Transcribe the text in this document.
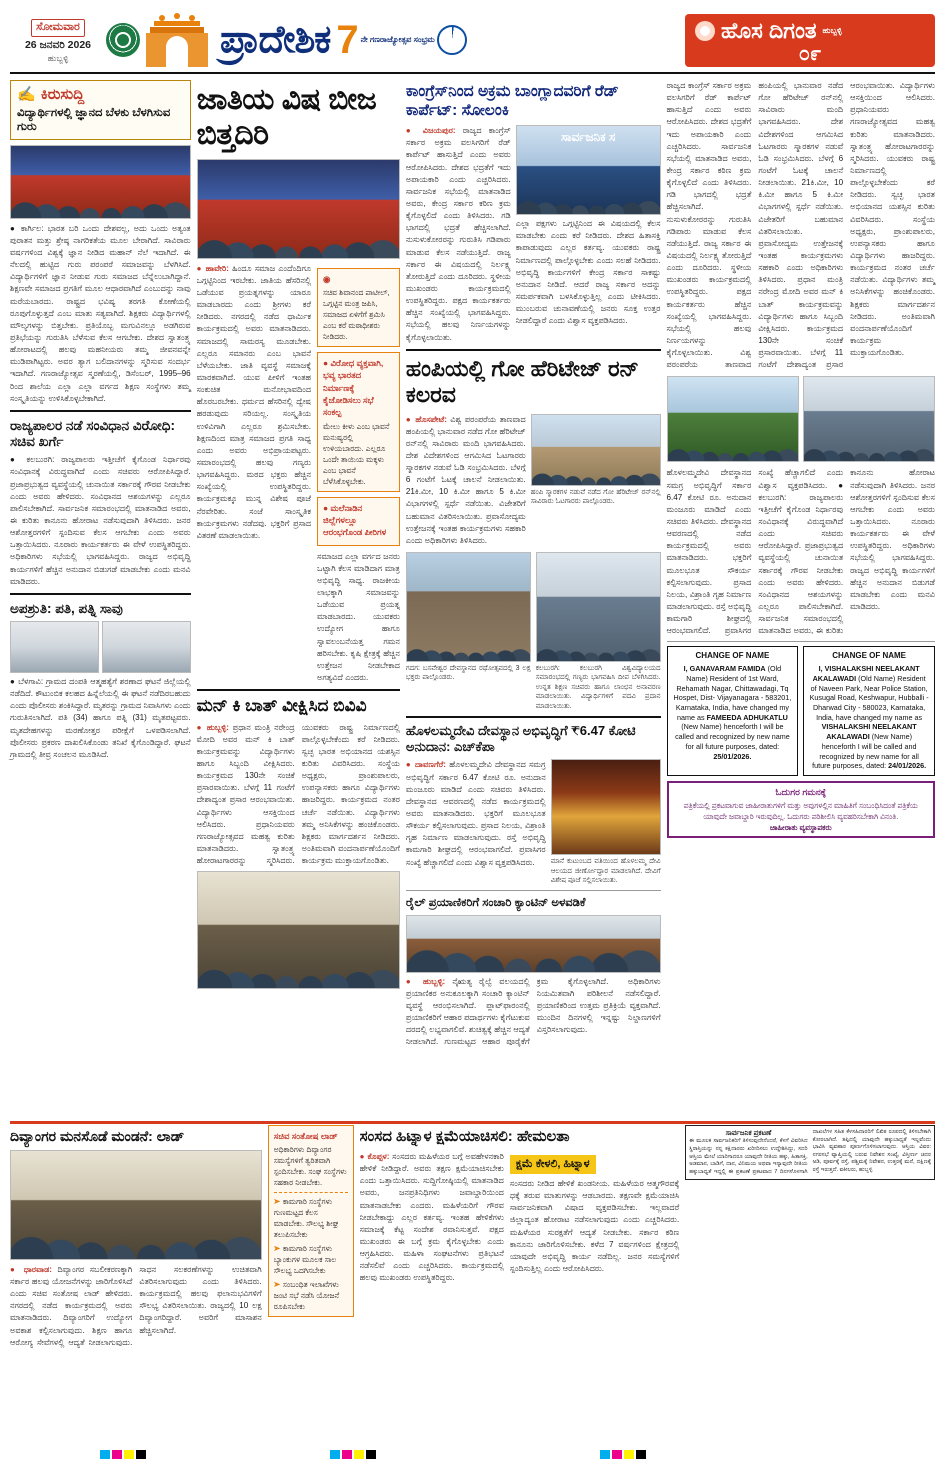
ಸೋಮವಾರ
26 ಜನವರಿ 2026
ಹುಬ್ಬಳ್ಳಿ	ಪ್ರಾದೇಶಿಕ 7 ನೇ ಗಣರಾಜ್ಯೋತ್ಸವ ಸಂಭ್ರಮ	ಹೊಸ ದಿಗಂತ ಹುಬ್ಬಳ್ಳಿ
೦೯
✍ ಕಿರುಸುದ್ದಿ
ವಿದ್ಯಾರ್ಥಿಗಳಲ್ಲಿ ಜ್ಞಾನದ ಬೆಳಕು ಬೆಳಗಿಸುವ ಗುರು
● ಕಾರ್ಗಿಲ: ಭಾರತ ಬರಿ ಒಂದು ದೇಶವಲ್ಲ, ಅದು ಒಂದು ಅತ್ಯಂತ ಪುರಾತನ ಮತ್ತು ಶ್ರೇಷ್ಠ ನಾಗರಿಕತೆಯ ಮೂಲ ಬೇರಾಗಿದೆ. ಸಾವಿರಾರು ವರ್ಷಗಳಿಂದ ವಿಶ್ವಕ್ಕೆ ಜ್ಞಾನ ನೀಡಿದ ಮಹಾನ್ ನೆಲೆ ಇದಾಗಿದೆ. ಈ ನೆಲದಲ್ಲಿ ಹುಟ್ಟಿದ ಗುರು ಪರಂಪರೆ ಸಮಾಜವನ್ನು ಬೆಳಗಿಸಿದೆ. ವಿದ್ಯಾರ್ಥಿಗಳಿಗೆ ಜ್ಞಾನ ನೀಡುವ ಗುರು ಸಮಾಜದ ಬೆನ್ನೆಲುಬಾಗಿದ್ದಾನೆ. ಶಿಕ್ಷಣವೇ ಸಮಾಜದ ಪ್ರಗತಿಗೆ ಮೂಲ ಆಧಾರವಾಗಿದೆ ಎಂಬುದನ್ನು ನಾವು ಮರೆಯಬಾರದು. ರಾಷ್ಟ್ರದ ಭವಿಷ್ಯ ತರಗತಿ ಕೋಣೆಯಲ್ಲಿ ರೂಪುಗೊಳ್ಳುತ್ತದೆ ಎಂಬ ಮಾತು ಸತ್ಯವಾಗಿದೆ. ಶಿಕ್ಷಕರು ವಿದ್ಯಾರ್ಥಿಗಳಲ್ಲಿ ಮೌಲ್ಯಗಳನ್ನು ಬಿತ್ತಬೇಕು. ಪ್ರತಿಯೊಬ್ಬ ಮಗುವಿನಲ್ಲೂ ಅಡಗಿರುವ ಪ್ರತಿಭೆಯನ್ನು ಗುರುತಿಸಿ ಬೆಳೆಸುವ ಕೆಲಸ ಆಗಬೇಕು. ದೇಶದ ಸ್ವಾತಂತ್ರ್ಯ ಹೋರಾಟದಲ್ಲಿ ಹಲವು ಮಹನೀಯರು ತಮ್ಮ ಜೀವನವನ್ನೇ ಮುಡಿಪಾಗಿಟ್ಟರು. ಅವರ ತ್ಯಾಗ ಬಲಿದಾನಗಳನ್ನು ಸ್ಮರಿಸುವ ಸಂದರ್ಭ ಇದಾಗಿದೆ. ಗಣರಾಜ್ಯೋತ್ಸವ ಸ್ಮರಣೆಯಲ್ಲಿ, ಡಿಸೆಂಬರ್, 1995–96 ರಿಂದ ಶಾಲೆಯ ಎಲ್ಲಾ ಎಲ್ಲಾ ವರ್ಗದ ಶಿಕ್ಷಣ ಸಂಸ್ಥೆಗಳು ತಮ್ಮ ಸಂಸ್ಕೃತಿಯನ್ನು ಉಳಿಸಿಕೊಳ್ಳಬೇಕಾಗಿದೆ.
ರಾಜ್ಯಪಾಲರ ನಡೆ ಸಂವಿಧಾನ ವಿರೋಧಿ: ಸಚಿವ ಖರ್ಗೆ
● ಕಲಬುರಗಿ: ರಾಜ್ಯಪಾಲರು ಇತ್ತೀಚೆಗೆ ಕೈಗೊಂಡ ನಿರ್ಧಾರವು ಸಂವಿಧಾನಕ್ಕೆ ವಿರುದ್ಧವಾಗಿದೆ ಎಂದು ಸಚಿವರು ಆರೋಪಿಸಿದ್ದಾರೆ. ಪ್ರಜಾಪ್ರಭುತ್ವದ ವ್ಯವಸ್ಥೆಯಲ್ಲಿ ಚುನಾಯಿತ ಸರ್ಕಾರಕ್ಕೆ ಗೌರವ ನೀಡಬೇಕು ಎಂದು ಅವರು ಹೇಳಿದರು. ಸಂವಿಧಾನದ ಆಶಯಗಳನ್ನು ಎಲ್ಲರೂ ಪಾಲಿಸಬೇಕಾಗಿದೆ. ಸಾರ್ವಜನಿಕ ಸಮಾರಂಭದಲ್ಲಿ ಮಾತನಾಡಿದ ಅವರು, ಈ ಕುರಿತು ಕಾನೂನು ಹೋರಾಟ ನಡೆಸುವುದಾಗಿ ತಿಳಿಸಿದರು. ಜನರ ಆಶೋತ್ತರಗಳಿಗೆ ಸ್ಪಂದಿಸುವ ಕೆಲಸ ಆಗಬೇಕು ಎಂದು ಅವರು ಒತ್ತಾಯಿಸಿದರು. ನೂರಾರು ಕಾರ್ಯಕರ್ತರು ಈ ವೇಳೆ ಉಪಸ್ಥಿತರಿದ್ದರು. ಅಧಿಕಾರಿಗಳು ಸಭೆಯಲ್ಲಿ ಭಾಗವಹಿಸಿದ್ದರು. ರಾಜ್ಯದ ಅಭಿವೃದ್ಧಿ ಕಾರ್ಯಗಳಿಗೆ ಹೆಚ್ಚಿನ ಅನುದಾನ ಬಿಡುಗಡೆ ಮಾಡಬೇಕು ಎಂದು ಮನವಿ ಮಾಡಿದರು.
ಅಪಶ್ರುತಿ: ಪತಿ, ಪತ್ನಿ ಸಾವು
● ಬೆಳಗಾವಿ: ಗ್ರಾಮದ ದಂಪತಿ ಆತ್ಮಹತ್ಯೆಗೆ ಶರಣಾದ ಘಟನೆ ಜಿಲ್ಲೆಯಲ್ಲಿ ನಡೆದಿದೆ. ಕೌಟುಂಬಿಕ ಕಲಹದ ಹಿನ್ನೆಲೆಯಲ್ಲಿ ಈ ಘಟನೆ ನಡೆದಿರಬಹುದು ಎಂದು ಪೊಲೀಸರು ಶಂಕಿಸಿದ್ದಾರೆ. ಮೃತರನ್ನು ಗ್ರಾಮದ ನಿವಾಸಿಗಳು ಎಂದು ಗುರುತಿಸಲಾಗಿದೆ. ಪತಿ (34) ಹಾಗೂ ಪತ್ನಿ (31) ಮೃತಪಟ್ಟವರು. ಮೃತದೇಹಗಳನ್ನು ಮರಣೋತ್ತರ ಪರೀಕ್ಷೆಗೆ ಒಳಪಡಿಸಲಾಗಿದೆ. ಪೊಲೀಸರು ಪ್ರಕರಣ ದಾಖಲಿಸಿಕೊಂಡು ತನಿಖೆ ಕೈಗೊಂಡಿದ್ದಾರೆ. ಘಟನೆ ಗ್ರಾಮದಲ್ಲಿ ತೀವ್ರ ಸಂಚಲನ ಮೂಡಿಸಿದೆ.
ಜಾತಿಯ ವಿಷ ಬೀಜ ಬಿತ್ತದಿರಿ
● ಹಾವೇರಿ: ಹಿಂದೂ ಸಮಾಜ ಎಂದೆಂದಿಗೂ ಒಗ್ಗಟ್ಟಿನಿಂದ ಇರಬೇಕು. ಜಾತಿಯ ಹೆಸರಿನಲ್ಲಿ ಒಡೆಯುವ ಪ್ರಯತ್ನಗಳನ್ನು ಯಾರೂ ಮಾಡಬಾರದು ಎಂದು ಶ್ರೀಗಳು ಕರೆ ನೀಡಿದರು. ನಗರದಲ್ಲಿ ನಡೆದ ಧಾರ್ಮಿಕ ಕಾರ್ಯಕ್ರಮದಲ್ಲಿ ಅವರು ಮಾತನಾಡಿದರು. ಸಮಾಜದಲ್ಲಿ ಸಾಮರಸ್ಯ ಮೂಡಬೇಕು. ಎಲ್ಲರೂ ಸಮಾನರು ಎಂಬ ಭಾವನೆ ಬೆಳೆಯಬೇಕು. ಜಾತಿ ವ್ಯವಸ್ಥೆ ಸಮಾಜಕ್ಕೆ ಮಾರಕವಾಗಿದೆ. ಯುವ ಪೀಳಿಗೆ ಇಂತಹ ಸಂಕುಚಿತ ಮನೋಭಾವದಿಂದ ಹೊರಬರಬೇಕು. ಧರ್ಮದ ಹೆಸರಿನಲ್ಲಿ ದ್ವೇಷ ಹರಡುವುದು ಸರಿಯಲ್ಲ. ಸಂಸ್ಕೃತಿಯ ಉಳಿವಿಗಾಗಿ ಎಲ್ಲರೂ ಶ್ರಮಿಸಬೇಕು. ಶಿಕ್ಷಣದಿಂದ ಮಾತ್ರ ಸಮಾಜದ ಪ್ರಗತಿ ಸಾಧ್ಯ ಎಂದು ಅವರು ಅಭಿಪ್ರಾಯಪಟ್ಟರು. ಸಮಾರಂಭದಲ್ಲಿ ಹಲವು ಗಣ್ಯರು ಭಾಗವಹಿಸಿದ್ದರು. ಮಠದ ಭಕ್ತರು ಹೆಚ್ಚಿನ ಸಂಖ್ಯೆಯಲ್ಲಿ ಉಪಸ್ಥಿತರಿದ್ದರು. ಕಾರ್ಯಕ್ರಮಕ್ಕೂ ಮುನ್ನ ವಿಶೇಷ ಪೂಜೆ ನೆರವೇರಿತು. ಸಂಜೆ ಸಾಂಸ್ಕೃತಿಕ ಕಾರ್ಯಕ್ರಮಗಳು ನಡೆದವು. ಭಕ್ತರಿಗೆ ಪ್ರಸಾದ ವಿತರಣೆ ಮಾಡಲಾಯಿತು.
◉
ಸಚಿವ ಶಿವಾನಂದ ಪಾಟೀಲ್, ಒಗ್ಗಟ್ಟಿನ ಮಂತ್ರ ಜಪಿಸಿ, ಸಮಾಜದ ಏಳಿಗೆಗೆ ಶ್ರಮಿಸಿ ಎಂಬ ಕರೆ ಮಠಾಧೀಶರು ನೀಡಿದರು.
● ವಿರೋಧ ವ್ಯಕ್ತವಾಗಿ, ಭವ್ಯ ಭಾರತದ ನಿರ್ಮಾಣಕ್ಕೆ ಕೈಜೋಡಿಸಲು ಸಭೆ ಸಂಕಲ್ಪ
ಮೇಲು ಕೀಳು ಎಂಬ ಭಾವನೆ ಮನುಷ್ಯರಲ್ಲಿ ಉಳಿಯಬಾರದು. ಎಲ್ಲರೂ ಒಂದೇ ತಾಯಿಯ ಮಕ್ಕಳು ಎಂಬ ಭಾವನೆ ಬೆಳೆಸಿಕೊಳ್ಳಬೇಕು.
● ಮಲೆನಾಡಿನ ಜಿಲ್ಲೆಗಳಲ್ಲೂ ಆರಂಭಗೊಂಡ ಪೀರಿಗಳ
ಸಮಾಜದ ಎಲ್ಲಾ ವರ್ಗದ ಜನರು ಒಟ್ಟಾಗಿ ಕೆಲಸ ಮಾಡಿದಾಗ ಮಾತ್ರ ಅಭಿವೃದ್ಧಿ ಸಾಧ್ಯ. ರಾಜಕೀಯ ಲಾಭಕ್ಕಾಗಿ ಸಮಾಜವನ್ನು ಒಡೆಯುವ ಪ್ರಯತ್ನ ಮಾಡಬಾರದು. ಯುವಕರು ಉದ್ಯೋಗ ಹಾಗೂ ಸ್ವಾವಲಂಬನೆಯತ್ತ ಗಮನ ಹರಿಸಬೇಕು. ಕೃಷಿ ಕ್ಷೇತ್ರಕ್ಕೆ ಹೆಚ್ಚಿನ ಉತ್ತೇಜನ ನೀಡಬೇಕಾದ ಅಗತ್ಯವಿದೆ ಎಂದರು.
ಮನ್‌ ಕಿ ಬಾತ್‌ ವೀಕ್ಷಿಸಿದ ಬಿವಿವಿ
● ಹುಬ್ಬಳ್ಳಿ: ಪ್ರಧಾನ ಮಂತ್ರಿ ನರೇಂದ್ರ ಮೋದಿ ಅವರ ಮನ್ ಕಿ ಬಾತ್ ಕಾರ್ಯಕ್ರಮವನ್ನು ವಿದ್ಯಾರ್ಥಿಗಳು ಹಾಗೂ ಸಿಬ್ಬಂದಿ ವೀಕ್ಷಿಸಿದರು. ಕಾರ್ಯಕ್ರಮದ 130ನೇ ಸಂಚಿಕೆ ಪ್ರಸಾರವಾಯಿತು. ಬೆಳಗ್ಗೆ 11 ಗಂಟೆಗೆ ದೇಶಾದ್ಯಂತ ಪ್ರಸಾರ ಆರಂಭವಾಯಿತು. ವಿದ್ಯಾರ್ಥಿಗಳು ಆಸಕ್ತಿಯಿಂದ ಆಲಿಸಿದರು. ಪ್ರಧಾನಿಯವರು ಗಣರಾಜ್ಯೋತ್ಸವದ ಮಹತ್ವ ಕುರಿತು ಮಾತನಾಡಿದರು. ಸ್ವಾತಂತ್ರ್ಯ ಹೋರಾಟಗಾರರನ್ನು ಸ್ಮರಿಸಿದರು. ಯುವಕರು ರಾಷ್ಟ್ರ ನಿರ್ಮಾಣದಲ್ಲಿ ಪಾಲ್ಗೊಳ್ಳಬೇಕೆಂದು ಕರೆ ನೀಡಿದರು. ಸ್ವಚ್ಛ ಭಾರತ ಅಭಿಯಾನದ ಯಶಸ್ಸಿನ ಕುರಿತು ವಿವರಿಸಿದರು. ಸಂಸ್ಥೆಯ ಅಧ್ಯಕ್ಷರು, ಪ್ರಾಂಶುಪಾಲರು, ಉಪನ್ಯಾಸಕರು ಹಾಗೂ ವಿದ್ಯಾರ್ಥಿಗಳು ಹಾಜರಿದ್ದರು. ಕಾರ್ಯಕ್ರಮದ ನಂತರ ಚರ್ಚೆ ನಡೆಯಿತು. ವಿದ್ಯಾರ್ಥಿಗಳು ತಮ್ಮ ಅನಿಸಿಕೆಗಳನ್ನು ಹಂಚಿಕೊಂಡರು. ಶಿಕ್ಷಕರು ಮಾರ್ಗದರ್ಶನ ನೀಡಿದರು. ಅಂತಿಮವಾಗಿ ವಂದನಾರ್ಪಣೆಯೊಂದಿಗೆ ಕಾರ್ಯಕ್ರಮ ಮುಕ್ತಾಯಗೊಂಡಿತು.
ಕಾಂಗ್ರೆಸ್‌ನಿಂದ ಅಕ್ರಮ ಬಾಂಗ್ಲಾದವರಿಗೆ ರೆಡ್‌ ಕಾರ್ಪೆಟ್‌: ಸೋಲಂಕಿ
● ವಿಜಯಪುರ: ರಾಜ್ಯದ ಕಾಂಗ್ರೆಸ್ ಸರ್ಕಾರ ಅಕ್ರಮ ವಲಸಿಗರಿಗೆ ರೆಡ್ ಕಾರ್ಪೆಟ್ ಹಾಸುತ್ತಿದೆ ಎಂದು ಅವರು ಆರೋಪಿಸಿದರು. ದೇಶದ ಭದ್ರತೆಗೆ ಇದು ಅಪಾಯಕಾರಿ ಎಂದು ಎಚ್ಚರಿಸಿದರು. ಸಾರ್ವಜನಿಕ ಸಭೆಯಲ್ಲಿ ಮಾತನಾಡಿದ ಅವರು, ಕೇಂದ್ರ ಸರ್ಕಾರ ಕಠಿಣ ಕ್ರಮ ಕೈಗೊಳ್ಳಲಿದೆ ಎಂದು ತಿಳಿಸಿದರು. ಗಡಿ ಭಾಗದಲ್ಲಿ ಭದ್ರತೆ ಹೆಚ್ಚಿಸಲಾಗಿದೆ. ನುಸುಳುಕೋರರನ್ನು ಗುರುತಿಸಿ ಗಡಿಪಾರು ಮಾಡುವ ಕೆಲಸ ನಡೆಯುತ್ತಿದೆ. ರಾಜ್ಯ ಸರ್ಕಾರ ಈ ವಿಷಯದಲ್ಲಿ ನಿರ್ಲಕ್ಷ್ಯ ತೋರುತ್ತಿದೆ ಎಂದು ದೂರಿದರು. ಸ್ಥಳೀಯ ಮುಖಂಡರು ಕಾರ್ಯಕ್ರಮದಲ್ಲಿ ಉಪಸ್ಥಿತರಿದ್ದರು. ಪಕ್ಷದ ಕಾರ್ಯಕರ್ತರು ಹೆಚ್ಚಿನ ಸಂಖ್ಯೆಯಲ್ಲಿ ಭಾಗವಹಿಸಿದ್ದರು. ಸಭೆಯಲ್ಲಿ ಹಲವು ನಿರ್ಣಯಗಳನ್ನು ಕೈಗೊಳ್ಳಲಾಯಿತು.
ಸಾರ್ವಜನಿಕ ಸ
ಎಲ್ಲಾ ಪಕ್ಷಗಳು ಒಗ್ಗಟ್ಟಿನಿಂದ ಈ ವಿಷಯದಲ್ಲಿ ಕೆಲಸ ಮಾಡಬೇಕು ಎಂದು ಕರೆ ನೀಡಿದರು. ದೇಶದ ಹಿತಾಸಕ್ತಿ ಕಾಪಾಡುವುದು ಎಲ್ಲರ ಕರ್ತವ್ಯ. ಯುವಕರು ರಾಷ್ಟ್ರ ನಿರ್ಮಾಣದಲ್ಲಿ ಪಾಲ್ಗೊಳ್ಳಬೇಕು ಎಂದು ಸಲಹೆ ನೀಡಿದರು. ಅಭಿವೃದ್ಧಿ ಕಾರ್ಯಗಳಿಗೆ ಕೇಂದ್ರ ಸರ್ಕಾರ ಸಾಕಷ್ಟು ಅನುದಾನ ನೀಡಿದೆ. ಆದರೆ ರಾಜ್ಯ ಸರ್ಕಾರ ಅದನ್ನು ಸಮರ್ಪಕವಾಗಿ ಬಳಸಿಕೊಳ್ಳುತ್ತಿಲ್ಲ ಎಂದು ಟೀಕಿಸಿದರು. ಮುಂಬರುವ ಚುನಾವಣೆಯಲ್ಲಿ ಜನರು ಸೂಕ್ತ ಉತ್ತರ ನೀಡಲಿದ್ದಾರೆ ಎಂದು ವಿಶ್ವಾಸ ವ್ಯಕ್ತಪಡಿಸಿದರು.
ಹಂಪಿಯಲ್ಲಿ ಗೋ ಹೆರಿಟೇಜ್‌ ರನ್‌ ಕಲರವ
● ಹೊಸಪೇಟೆ: ವಿಶ್ವ ಪರಂಪರೆಯ ತಾಣವಾದ ಹಂಪಿಯಲ್ಲಿ ಭಾನುವಾರ ನಡೆದ ಗೋ ಹೆರಿಟೇಜ್ ರನ್‌ನಲ್ಲಿ ಸಾವಿರಾರು ಮಂದಿ ಭಾಗವಹಿಸಿದರು. ದೇಶ ವಿದೇಶಗಳಿಂದ ಆಗಮಿಸಿದ ಓಟಗಾರರು ಸ್ಮಾರಕಗಳ ನಡುವೆ ಓಡಿ ಸಂಭ್ರಮಿಸಿದರು. ಬೆಳಗ್ಗೆ 6 ಗಂಟೆಗೆ ಓಟಕ್ಕೆ ಚಾಲನೆ ನೀಡಲಾಯಿತು. 21ಕಿ.ಮೀ, 10 ಕಿ.ಮೀ ಹಾಗೂ 5 ಕಿ.ಮೀ ವಿಭಾಗಗಳಲ್ಲಿ ಸ್ಪರ್ಧೆ ನಡೆಯಿತು. ವಿಜೇತರಿಗೆ ಬಹುಮಾನ ವಿತರಿಸಲಾಯಿತು. ಪ್ರವಾಸೋದ್ಯಮ ಉತ್ತೇಜನಕ್ಕೆ ಇಂತಹ ಕಾರ್ಯಕ್ರಮಗಳು ಸಹಕಾರಿ ಎಂದು ಅಧಿಕಾರಿಗಳು ತಿಳಿಸಿದರು.
ಹಂಪಿ ಸ್ಮಾರಕಗಳ ನಡುವೆ ನಡೆದ ಗೋ ಹೆರಿಟೇಜ್ ರನ್‌ನಲ್ಲಿ ಸಾವಿರಾರು ಓಟಗಾರರು ಪಾಲ್ಗೊಂಡರು.
ಗದಗ: ಬಸವೇಶ್ವರ ದೇವಸ್ಥಾನದ ರಥೋತ್ಸವದಲ್ಲಿ 3 ಲಕ್ಷ ಭಕ್ತರು ಪಾಲ್ಗೊಂಡರು.
ಕಲಬುರಗಿ: ಕಲಬುರಗಿ ವಿಶ್ವವಿದ್ಯಾಲಯದ ಸಮಾರಂಭದಲ್ಲಿ ಗಣ್ಯರು ಭಾಗವಹಿಸಿ ದೀಪ ಬೆಳಗಿಸಿದರು. ಉನ್ನತ ಶಿಕ್ಷಣ ಸಚಿವರು ಹಾಗೂ ಲಾಂಛನ ಅನಾವರಣ ಮಾಡಲಾಯಿತು. ವಿದ್ಯಾರ್ಥಿಗಳಿಗೆ ಪದವಿ ಪ್ರದಾನ ಮಾಡಲಾಯಿತು.
ಹೊಳಲಮ್ಮದೇವಿ ದೇವಸ್ಥಾನ ಅಭಿವೃದ್ಧಿಗೆ ₹6.47 ಕೋಟಿ ಅನುದಾನ: ಎಚ್‌ಕೆಪಾ
● ದಾವಣಗೆರೆ: ಹೊಳಲಮ್ಮದೇವಿ ದೇವಸ್ಥಾನದ ಸಮಗ್ರ ಅಭಿವೃದ್ಧಿಗೆ ಸರ್ಕಾರ 6.47 ಕೋಟಿ ರೂ. ಅನುದಾನ ಮಂಜೂರು ಮಾಡಿದೆ ಎಂದು ಸಚಿವರು ತಿಳಿಸಿದರು. ದೇವಸ್ಥಾನದ ಆವರಣದಲ್ಲಿ ನಡೆದ ಕಾರ್ಯಕ್ರಮದಲ್ಲಿ ಅವರು ಮಾತನಾಡಿದರು. ಭಕ್ತರಿಗೆ ಮೂಲಭೂತ ಸೌಕರ್ಯ ಕಲ್ಪಿಸಲಾಗುವುದು. ಪ್ರಸಾದ ನಿಲಯ, ವಿಶ್ರಾಂತಿ ಗೃಹ ನಿರ್ಮಾಣ ಮಾಡಲಾಗುವುದು. ರಸ್ತೆ ಅಭಿವೃದ್ಧಿ ಕಾಮಗಾರಿ ಶೀಘ್ರದಲ್ಲಿ ಆರಂಭವಾಗಲಿದೆ. ಪ್ರವಾಸಿಗರ ಸಂಖ್ಯೆ ಹೆಚ್ಚಾಗಲಿದೆ ಎಂದು ವಿಶ್ವಾಸ ವ್ಯಕ್ತಪಡಿಸಿದರು.	ಮಾನೆ ಕುಟುಂಬದ ವತಿಯಿಂದ ಹೊಳಲಮ್ಮ ದೇವಿ ಆಲಯದ ಜೀರ್ಣೋದ್ಧಾರ ಮಾಡಲಾಗಿದೆ. ದೇವಿಗೆ ವಿಶೇಷ ಪೂಜೆ ಸಲ್ಲಿಸಲಾಯಿತು.
ರೈಲ್‌ ಪ್ರಯಾಣಿಕರಿಗೆ ಸಂಚಾರಿ ಕ್ಯಾಂಟಿನ್‌ ಅಳವಡಿಕೆ
● ಹುಬ್ಬಳ್ಳಿ: ನೈಋತ್ಯ ರೈಲ್ವೆ ವಲಯದಲ್ಲಿ ಪ್ರಯಾಣಿಕರ ಅನುಕೂಲಕ್ಕಾಗಿ ಸಂಚಾರಿ ಕ್ಯಾಂಟಿನ್ ವ್ಯವಸ್ಥೆ ಆರಂಭಿಸಲಾಗಿದೆ. ಪ್ಲಾಟ್‌ಫಾರಂನಲ್ಲಿ ಪ್ರಯಾಣಿಕರಿಗೆ ಆಹಾರ ಪದಾರ್ಥಗಳು ಕೈಗೆಟುಕುವ ದರದಲ್ಲಿ ಲಭ್ಯವಾಗಲಿವೆ. ಶುಚಿತ್ವಕ್ಕೆ ಹೆಚ್ಚಿನ ಆದ್ಯತೆ ನೀಡಲಾಗಿದೆ. ಗುಣಮಟ್ಟದ ಆಹಾರ ಪೂರೈಕೆಗೆ ಕ್ರಮ ಕೈಗೊಳ್ಳಲಾಗಿದೆ. ಅಧಿಕಾರಿಗಳು ನಿಯಮಿತವಾಗಿ ಪರಿಶೀಲನೆ ನಡೆಸಲಿದ್ದಾರೆ. ಪ್ರಯಾಣಿಕರಿಂದ ಉತ್ತಮ ಪ್ರತಿಕ್ರಿಯೆ ವ್ಯಕ್ತವಾಗಿದೆ. ಮುಂದಿನ ದಿನಗಳಲ್ಲಿ ಇನ್ನಷ್ಟು ನಿಲ್ದಾಣಗಳಿಗೆ ವಿಸ್ತರಿಸಲಾಗುವುದು.
ರಾಜ್ಯದ ಕಾಂಗ್ರೆಸ್ ಸರ್ಕಾರ ಅಕ್ರಮ ವಲಸಿಗರಿಗೆ ರೆಡ್ ಕಾರ್ಪೆಟ್ ಹಾಸುತ್ತಿದೆ ಎಂದು ಅವರು ಆರೋಪಿಸಿದರು. ದೇಶದ ಭದ್ರತೆಗೆ ಇದು ಅಪಾಯಕಾರಿ ಎಂದು ಎಚ್ಚರಿಸಿದರು. ಸಾರ್ವಜನಿಕ ಸಭೆಯಲ್ಲಿ ಮಾತನಾಡಿದ ಅವರು, ಕೇಂದ್ರ ಸರ್ಕಾರ ಕಠಿಣ ಕ್ರಮ ಕೈಗೊಳ್ಳಲಿದೆ ಎಂದು ತಿಳಿಸಿದರು. ಗಡಿ ಭಾಗದಲ್ಲಿ ಭದ್ರತೆ ಹೆಚ್ಚಿಸಲಾಗಿದೆ. ನುಸುಳುಕೋರರನ್ನು ಗುರುತಿಸಿ ಗಡಿಪಾರು ಮಾಡುವ ಕೆಲಸ ನಡೆಯುತ್ತಿದೆ. ರಾಜ್ಯ ಸರ್ಕಾರ ಈ ವಿಷಯದಲ್ಲಿ ನಿರ್ಲಕ್ಷ್ಯ ತೋರುತ್ತಿದೆ ಎಂದು ದೂರಿದರು. ಸ್ಥಳೀಯ ಮುಖಂಡರು ಕಾರ್ಯಕ್ರಮದಲ್ಲಿ ಉಪಸ್ಥಿತರಿದ್ದರು. ಪಕ್ಷದ ಕಾರ್ಯಕರ್ತರು ಹೆಚ್ಚಿನ ಸಂಖ್ಯೆಯಲ್ಲಿ ಭಾಗವಹಿಸಿದ್ದರು. ಸಭೆಯಲ್ಲಿ ಹಲವು ನಿರ್ಣಯಗಳನ್ನು ಕೈಗೊಳ್ಳಲಾಯಿತು.	ವಿಶ್ವ ಪರಂಪರೆಯ ತಾಣವಾದ ಹಂಪಿಯಲ್ಲಿ ಭಾನುವಾರ ನಡೆದ ಗೋ ಹೆರಿಟೇಜ್ ರನ್‌ನಲ್ಲಿ ಸಾವಿರಾರು ಮಂದಿ ಭಾಗವಹಿಸಿದರು. ದೇಶ ವಿದೇಶಗಳಿಂದ ಆಗಮಿಸಿದ ಓಟಗಾರರು ಸ್ಮಾರಕಗಳ ನಡುವೆ ಓಡಿ ಸಂಭ್ರಮಿಸಿದರು. ಬೆಳಗ್ಗೆ 6 ಗಂಟೆಗೆ ಓಟಕ್ಕೆ ಚಾಲನೆ ನೀಡಲಾಯಿತು. 21ಕಿ.ಮೀ, 10 ಕಿ.ಮೀ ಹಾಗೂ 5 ಕಿ.ಮೀ ವಿಭಾಗಗಳಲ್ಲಿ ಸ್ಪರ್ಧೆ ನಡೆಯಿತು. ವಿಜೇತರಿಗೆ ಬಹುಮಾನ ವಿತರಿಸಲಾಯಿತು. ಪ್ರವಾಸೋದ್ಯಮ ಉತ್ತೇಜನಕ್ಕೆ ಇಂತಹ ಕಾರ್ಯಕ್ರಮಗಳು ಸಹಕಾರಿ ಎಂದು ಅಧಿಕಾರಿಗಳು ತಿಳಿಸಿದರು. ಪ್ರಧಾನ ಮಂತ್ರಿ ನರೇಂದ್ರ ಮೋದಿ ಅವರ ಮನ್ ಕಿ ಬಾತ್ ಕಾರ್ಯಕ್ರಮವನ್ನು ವಿದ್ಯಾರ್ಥಿಗಳು ಹಾಗೂ ಸಿಬ್ಬಂದಿ ವೀಕ್ಷಿಸಿದರು. ಕಾರ್ಯಕ್ರಮದ 130ನೇ ಸಂಚಿಕೆ ಪ್ರಸಾರವಾಯಿತು. ಬೆಳಗ್ಗೆ 11 ಗಂಟೆಗೆ ದೇಶಾದ್ಯಂತ ಪ್ರಸಾರ ಆರಂಭವಾಯಿತು. ವಿದ್ಯಾರ್ಥಿಗಳು ಆಸಕ್ತಿಯಿಂದ ಆಲಿಸಿದರು. ಪ್ರಧಾನಿಯವರು ಗಣರಾಜ್ಯೋತ್ಸವದ ಮಹತ್ವ ಕುರಿತು ಮಾತನಾಡಿದರು. ಸ್ವಾತಂತ್ರ್ಯ ಹೋರಾಟಗಾರರನ್ನು ಸ್ಮರಿಸಿದರು. ಯುವಕರು ರಾಷ್ಟ್ರ ನಿರ್ಮಾಣದಲ್ಲಿ ಪಾಲ್ಗೊಳ್ಳಬೇಕೆಂದು ಕರೆ ನೀಡಿದರು. ಸ್ವಚ್ಛ ಭಾರತ ಅಭಿಯಾನದ ಯಶಸ್ಸಿನ ಕುರಿತು ವಿವರಿಸಿದರು. ಸಂಸ್ಥೆಯ ಅಧ್ಯಕ್ಷರು, ಪ್ರಾಂಶುಪಾಲರು, ಉಪನ್ಯಾಸಕರು ಹಾಗೂ ವಿದ್ಯಾರ್ಥಿಗಳು ಹಾಜರಿದ್ದರು. ಕಾರ್ಯಕ್ರಮದ ನಂತರ ಚರ್ಚೆ ನಡೆಯಿತು. ವಿದ್ಯಾರ್ಥಿಗಳು ತಮ್ಮ ಅನಿಸಿಕೆಗಳನ್ನು ಹಂಚಿಕೊಂಡರು. ಶಿಕ್ಷಕರು ಮಾರ್ಗದರ್ಶನ ನೀಡಿದರು. ಅಂತಿಮವಾಗಿ ವಂದನಾರ್ಪಣೆಯೊಂದಿಗೆ ಕಾರ್ಯಕ್ರಮ ಮುಕ್ತಾಯಗೊಂಡಿತು.
ಹೊಳಲಮ್ಮದೇವಿ ದೇವಸ್ಥಾನದ ಸಮಗ್ರ ಅಭಿವೃದ್ಧಿಗೆ ಸರ್ಕಾರ 6.47 ಕೋಟಿ ರೂ. ಅನುದಾನ ಮಂಜೂರು ಮಾಡಿದೆ ಎಂದು ಸಚಿವರು ತಿಳಿಸಿದರು. ದೇವಸ್ಥಾನದ ಆವರಣದಲ್ಲಿ ನಡೆದ ಕಾರ್ಯಕ್ರಮದಲ್ಲಿ ಅವರು ಮಾತನಾಡಿದರು. ಭಕ್ತರಿಗೆ ಮೂಲಭೂತ ಸೌಕರ್ಯ ಕಲ್ಪಿಸಲಾಗುವುದು. ಪ್ರಸಾದ ನಿಲಯ, ವಿಶ್ರಾಂತಿ ಗೃಹ ನಿರ್ಮಾಣ ಮಾಡಲಾಗುವುದು. ರಸ್ತೆ ಅಭಿವೃದ್ಧಿ ಕಾಮಗಾರಿ ಶೀಘ್ರದಲ್ಲಿ ಆರಂಭವಾಗಲಿದೆ. ಪ್ರವಾಸಿಗರ ಸಂಖ್ಯೆ ಹೆಚ್ಚಾಗಲಿದೆ ಎಂದು ವಿಶ್ವಾಸ ವ್ಯಕ್ತಪಡಿಸಿದರು. ● ಕಲಬುರಗಿ: ರಾಜ್ಯಪಾಲರು ಇತ್ತೀಚೆಗೆ ಕೈಗೊಂಡ ನಿರ್ಧಾರವು ಸಂವಿಧಾನಕ್ಕೆ ವಿರುದ್ಧವಾಗಿದೆ ಎಂದು ಸಚಿವರು ಆರೋಪಿಸಿದ್ದಾರೆ. ಪ್ರಜಾಪ್ರಭುತ್ವದ ವ್ಯವಸ್ಥೆಯಲ್ಲಿ ಚುನಾಯಿತ ಸರ್ಕಾರಕ್ಕೆ ಗೌರವ ನೀಡಬೇಕು ಎಂದು ಅವರು ಹೇಳಿದರು. ಸಂವಿಧಾನದ ಆಶಯಗಳನ್ನು ಎಲ್ಲರೂ ಪಾಲಿಸಬೇಕಾಗಿದೆ. ಸಾರ್ವಜನಿಕ ಸಮಾರಂಭದಲ್ಲಿ ಮಾತನಾಡಿದ ಅವರು, ಈ ಕುರಿತು ಕಾನೂನು ಹೋರಾಟ ನಡೆಸುವುದಾಗಿ ತಿಳಿಸಿದರು. ಜನರ ಆಶೋತ್ತರಗಳಿಗೆ ಸ್ಪಂದಿಸುವ ಕೆಲಸ ಆಗಬೇಕು ಎಂದು ಅವರು ಒತ್ತಾಯಿಸಿದರು. ನೂರಾರು ಕಾರ್ಯಕರ್ತರು ಈ ವೇಳೆ ಉಪಸ್ಥಿತರಿದ್ದರು. ಅಧಿಕಾರಿಗಳು ಸಭೆಯಲ್ಲಿ ಭಾಗವಹಿಸಿದ್ದರು. ರಾಜ್ಯದ ಅಭಿವೃದ್ಧಿ ಕಾರ್ಯಗಳಿಗೆ ಹೆಚ್ಚಿನ ಅನುದಾನ ಬಿಡುಗಡೆ ಮಾಡಬೇಕು ಎಂದು ಮನವಿ ಮಾಡಿದರು.
CHANGE OF NAME
I, GANAVARAM FAMIDA (Old Name) Resident of 1st Ward, Rehamath Nagar, Chittawadagi, Tq Hospet, Dist- Vijayanagara - 583201, Karnataka, India, have changed my name as FAMEEDA ADHUKATLU (New Name) henceforth I will be called and recognized by new name for all future purposes, dated: 25/01/2026.
CHANGE OF NAME
I, VISHALAKSHI NEELAKANT AKALAWADI (Old Name) Resident of Naveen Park, Near Police Station, Kusugal Road, Keshwapur, Hubballi - Dharwad City - 580023, Karnataka, India, have changed my name as VISHALAKSHI NEELAKANT AKALAWADI (New Name) henceforth I will be called and recognized by new name for all future purposes, dated: 24/01/2026.
ಓದುಗರ ಗಮನಕ್ಕೆ
ಪತ್ರಿಕೆಯಲ್ಲಿ ಪ್ರಕಟವಾಗುವ ಜಾಹೀರಾತುಗಳಿಗೆ ಮತ್ತು ಅವುಗಳಲ್ಲಿನ ಮಾಹಿತಿಗೆ ಸಂಬಂಧಿಸಿದಂತೆ ಪತ್ರಿಕೆಯ ಯಾವುದೇ ಜವಾಬ್ದಾರಿ ಇರುವುದಿಲ್ಲ. ಓದುಗರು ಪರಿಶೀಲಿಸಿ ವ್ಯವಹರಿಸಬೇಕಾಗಿ ವಿನಂತಿ.
ಜಾಹೀರಾತು ವ್ಯವಸ್ಥಾಪಕರು
ದಿವ್ಯಾಂಗರ ಮನಸೊಡೆ ಮಂಡನೆ: ಲಾಡ್‌
● ಧಾರವಾಡ: ದಿವ್ಯಾಂಗರ ಸಬಲೀಕರಣಕ್ಕಾಗಿ ಸರ್ಕಾರ ಹಲವು ಯೋಜನೆಗಳನ್ನು ಜಾರಿಗೊಳಿಸಿದೆ ಎಂದು ಸಚಿವ ಸಂತೋಷ ಲಾಡ್ ಹೇಳಿದರು. ನಗರದಲ್ಲಿ ನಡೆದ ಕಾರ್ಯಕ್ರಮದಲ್ಲಿ ಅವರು ಮಾತನಾಡಿದರು. ದಿವ್ಯಾಂಗರಿಗೆ ಉದ್ಯೋಗ ಅವಕಾಶ ಕಲ್ಪಿಸಲಾಗುವುದು. ಶಿಕ್ಷಣ ಹಾಗೂ ಆರೋಗ್ಯ ಸೇವೆಗಳಲ್ಲಿ ಆದ್ಯತೆ ನೀಡಲಾಗುವುದು. ಸಾಧನ ಸಲಕರಣೆಗಳನ್ನು ಉಚಿತವಾಗಿ ವಿತರಿಸಲಾಗುವುದು ಎಂದು ತಿಳಿಸಿದರು. ಕಾರ್ಯಕ್ರಮದಲ್ಲಿ ಹಲವು ಫಲಾನುಭವಿಗಳಿಗೆ ಸೌಲಭ್ಯ ವಿತರಿಸಲಾಯಿತು. ರಾಜ್ಯದಲ್ಲಿ 10 ಲಕ್ಷ ದಿವ್ಯಾಂಗರಿದ್ದಾರೆ. ಅವರಿಗೆ ಮಾಸಾಶನ ಹೆಚ್ಚಿಸಲಾಗಿದೆ.
ಸಚಿವ ಸಂತೋಷ ಲಾಡ್‌
ಅಧಿಕಾರಿಗಳು ದಿವ್ಯಾಂಗರ ಸಮಸ್ಯೆಗಳಿಗೆ ತ್ವರಿತವಾಗಿ ಸ್ಪಂದಿಸಬೇಕು. ಸಂಘ ಸಂಸ್ಥೆಗಳು ಸಹಕಾರ ನೀಡಬೇಕು.
➤ ಕಾಮಗಾರಿ ಸಂಸ್ಥೆಗಳು ಗುಣಮಟ್ಟದ ಕೆಲಸ ಮಾಡಬೇಕು. ಸೌಲಭ್ಯ ಶೀಘ್ರ ತಲುಪಿಸಬೇಕು
➤ ಕಾಮಗಾರಿ ಸಂಸ್ಥೆಗಳು ಬ್ಯಾಂಕುಗಳ ಮೂಲಕ ಸಾಲ ಸೌಲಭ್ಯ ಒದಗಿಸಬೇಕು
➤ ಸಂಬಂಧಿತ ಇಲಾಖೆಗಳು ಜಂಟಿ ಸಭೆ ನಡೆಸಿ ಯೋಜನೆ ರೂಪಿಸಬೇಕು
ಸಂಸದ ಹಿಟ್ನಾಳ ಕ್ಷಮೆಯಾಚಿಸಲಿ: ಹೇಮಲತಾ
● ಕೊಪ್ಪಳ: ಸಂಸದರು ಮಹಿಳೆಯರ ಬಗ್ಗೆ ಅವಹೇಳನಕಾರಿ ಹೇಳಿಕೆ ನೀಡಿದ್ದಾರೆ. ಅವರು ತಕ್ಷಣ ಕ್ಷಮೆಯಾಚಿಸಬೇಕು ಎಂದು ಒತ್ತಾಯಿಸಿದರು. ಸುದ್ದಿಗೋಷ್ಠಿಯಲ್ಲಿ ಮಾತನಾಡಿದ ಅವರು, ಜನಪ್ರತಿನಿಧಿಗಳು ಜವಾಬ್ದಾರಿಯಿಂದ ಮಾತನಾಡಬೇಕು ಎಂದರು. ಮಹಿಳೆಯರಿಗೆ ಗೌರವ ನೀಡಬೇಕಾದ್ದು ಎಲ್ಲರ ಕರ್ತವ್ಯ. ಇಂತಹ ಹೇಳಿಕೆಗಳು ಸಮಾಜಕ್ಕೆ ಕೆಟ್ಟ ಸಂದೇಶ ರವಾನಿಸುತ್ತವೆ. ಪಕ್ಷದ ಮುಖಂಡರು ಈ ಬಗ್ಗೆ ಕ್ರಮ ಕೈಗೊಳ್ಳಬೇಕು ಎಂದು ಆಗ್ರಹಿಸಿದರು. ಮಹಿಳಾ ಸಂಘಟನೆಗಳು ಪ್ರತಿಭಟನೆ ನಡೆಸಲಿವೆ ಎಂದು ಎಚ್ಚರಿಸಿದರು. ಕಾರ್ಯಕ್ರಮದಲ್ಲಿ ಹಲವು ಮುಖಂಡರು ಉಪಸ್ಥಿತರಿದ್ದರು.
ಕ್ಷಮೆ ಕೇಳಲಿ, ಹಿಟ್ನಾಳ
ಸಂಸದರು ನೀಡಿದ ಹೇಳಿಕೆ ಖಂಡನೀಯ. ಮಹಿಳೆಯರ ಆತ್ಮಗೌರವಕ್ಕೆ ಧಕ್ಕೆ ತರುವ ಮಾತುಗಳನ್ನು ಆಡಬಾರದು. ತಕ್ಷಣವೇ ಕ್ಷಮೆಯಾಚಿಸಿ ಸಾರ್ವಜನಿಕವಾಗಿ ವಿಷಾದ ವ್ಯಕ್ತಪಡಿಸಬೇಕು. ಇಲ್ಲವಾದರೆ ಜಿಲ್ಲಾದ್ಯಂತ ಹೋರಾಟ ನಡೆಸಲಾಗುವುದು ಎಂದು ಎಚ್ಚರಿಸಿದರು. ಮಹಿಳೆಯರ ಸುರಕ್ಷತೆಗೆ ಆದ್ಯತೆ ನೀಡಬೇಕು. ಸರ್ಕಾರ ಕಠಿಣ ಕಾನೂನು ಜಾರಿಗೊಳಿಸಬೇಕು. ಕಳೆದ 7 ವರ್ಷಗಳಿಂದ ಕ್ಷೇತ್ರದಲ್ಲಿ ಯಾವುದೇ ಅಭಿವೃದ್ಧಿ ಕಾರ್ಯ ನಡೆದಿಲ್ಲ. ಜನರ ಸಮಸ್ಯೆಗಳಿಗೆ ಸ್ಪಂದಿಸುತ್ತಿಲ್ಲ ಎಂದು ಆರೋಪಿಸಿದರು.
ಸಾರ್ವಜನಿಕ ಪ್ರಕಟಣೆ
ಈ ಮೂಲಕ ಸಾರ್ವಜನಿಕರಿಗೆ ತಿಳಿಸುವುದೇನೆಂದರೆ, ಕೆಳಗೆ ವಿವರಿಸಿದ ಸ್ಥಿರಾಸ್ತಿಯನ್ನು ನನ್ನ ಕಕ್ಷಿದಾರರು ಖರೀದಿಸಲು ಉದ್ದೇಶಿಸಿದ್ದು, ಸದರಿ ಆಸ್ತಿಯ ಮೇಲೆ ಯಾರಿಗಾದರೂ ಯಾವುದೇ ರೀತಿಯ ಹಕ್ಕು, ಹಿತಾಸಕ್ತಿ, ಅಡಮಾನ, ಬಾಡಿಗೆ, ದಾನ, ವಿನಿಮಯ ಅಥವಾ ಇನ್ಯಾವುದೇ ರೀತಿಯ ಹಕ್ಕುಬಾಧ್ಯತೆ ಇದ್ದಲ್ಲಿ ಈ ಪ್ರಕಟಣೆ ಪ್ರಕಟವಾದ 7 ದಿನಗಳೊಳಗಾಗಿ ದಾಖಲೆಗಳ ಸಹಿತ ಕೆಳಸಹಿದಾರರಿಗೆ ಲಿಖಿತ ರೂಪದಲ್ಲಿ ತಿಳಿಸಬೇಕಾಗಿ ಕೋರಲಾಗಿದೆ. ತಪ್ಪಿದಲ್ಲಿ ಯಾವುದೇ ಹಕ್ಕುಬಾಧ್ಯತೆ ಇಲ್ಲವೆಂದು ಭಾವಿಸಿ ವ್ಯವಹಾರ ಪೂರ್ಣಗೊಳಿಸಲಾಗುವುದು. ಆಸ್ತಿಯ ವಿವರ: ನಗರಸಭೆ ವ್ಯಾಪ್ತಿಯಲ್ಲಿ ಬರುವ ನಿವೇಶನ ಸಂಖ್ಯೆ, ವಿಸ್ತೀರ್ಣ ಚದರ ಅಡಿ, ಪೂರ್ವಕ್ಕೆ ರಸ್ತೆ, ಪಶ್ಚಿಮಕ್ಕೆ ನಿವೇಶನ, ಉತ್ತರಕ್ಕೆ ಮನೆ, ದಕ್ಷಿಣಕ್ಕೆ ರಸ್ತೆ ಇರುತ್ತದೆ. ವಕೀಲರು, ಹುಬ್ಬಳ್ಳಿ
